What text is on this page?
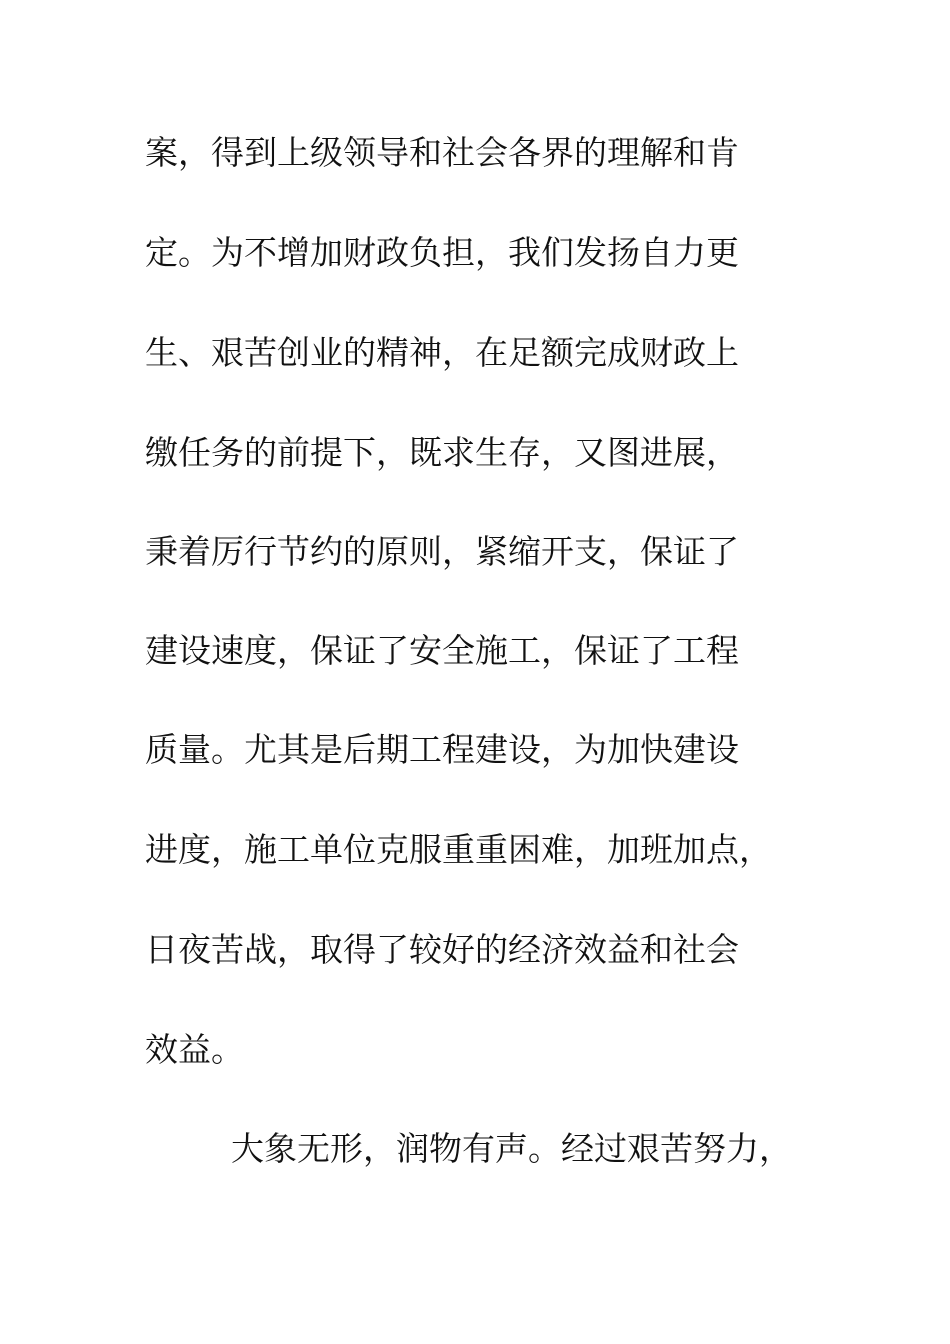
案，得到上级领导和社会各界的理解和肯
定。为不增加财政负担，我们发扬自力更
生、艰苦创业的精神，在足额完成财政上
缴任务的前提下，既求生存，又图进展，
秉着厉行节约的原则，紧缩开支，保证了
建设速度，保证了安全施工，保证了工程
质量。尤其是后期工程建设，为加快建设
进度，施工单位克服重重困难，加班加点，
日夜苦战，取得了较好的经济效益和社会
效益。
大象无形，润物有声。经过艰苦努力，
